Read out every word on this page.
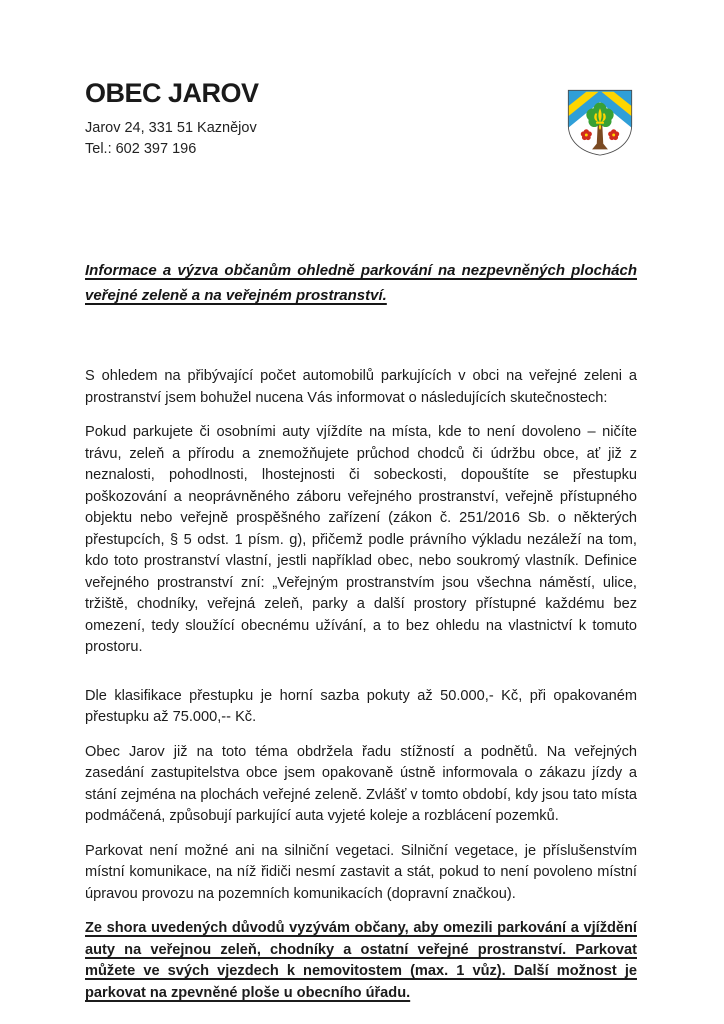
OBEC JAROV
Jarov 24, 331 51 Kaznějov
Tel.: 602 397 196
Informace a výzva občanům ohledně parkování na nezpevněných plochách veřejné zeleně a na veřejném prostranství.

S ohledem na přibývající počet automobilů parkujících v obci na veřejné zeleni a prostranství jsem bohužel nucena Vás informovat o následujících skutečnostech:

Pokud parkujete či osobními auty vjíždíte na místa, kde to není dovoleno – ničíte trávu, zeleň a přírodu a znemožňujete průchod chodců či údržbu obce, ať již z neznalosti, pohodlnosti, lhostejnosti či sobeckosti, dopouštíte se přestupku poškozování a neoprávněného záboru veřejného prostranství, veřejně přístupného objektu nebo veřejně prospěšného zařízení (zákon č. 251/2016 Sb. o některých přestupcích, § 5 odst. 1 písm. g), přičemž podle právního výkladu nezáleží na tom, kdo toto prostranství vlastní, jestli například obec, nebo soukromý vlastník. Definice veřejného prostranství zní: „Veřejným prostranstvím jsou všechna náměstí, ulice, tržiště, chodníky, veřejná zeleň, parky a další prostory přístupné každému bez omezení, tedy sloužící obecnému užívání, a to bez ohledu na vlastnictví k tomuto prostoru.

Dle klasifikace přestupku je horní sazba pokuty až 50.000,- Kč, při opakovaném přestupku až 75.000,-- Kč.

Obec Jarov již na toto téma obdržela řadu stížností a podnětů. Na veřejných zasedání zastupitelstva obce jsem opakovaně ústně informovala o zákazu jízdy a stání zejména na plochách veřejné zeleně. Zvlášť v tomto období, kdy jsou tato místa podmáčená, způsobují parkující auta vyjeté koleje a rozblácení pozemků.

Parkovat není možné ani na silniční vegetaci. Silniční vegetace, je příslušenstvím místní komunikace, na níž řidiči nesmí zastavit a stát, pokud to není povoleno místní úpravou provozu na pozemních komunikacích (dopravní značkou).

Ze shora uvedených důvodů vyzývám občany, aby omezili parkování a vjíždění auty na veřejnou zeleň, chodníky a ostatní veřejné prostranství. Parkovat můžete ve svých vjezdech k nemovitostem (max. 1 vůz). Další možnost je parkovat na zpevněné ploše u obecního úřadu.
